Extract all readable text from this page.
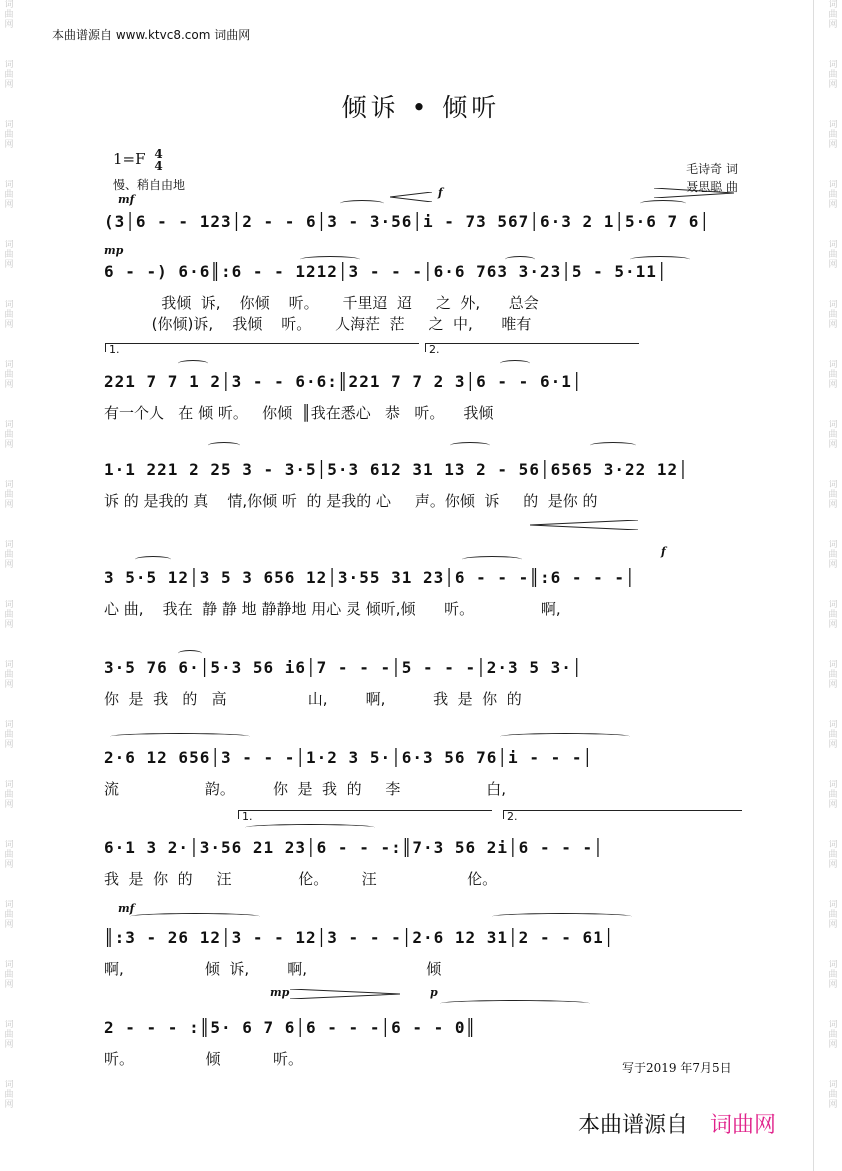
词曲网
词曲网
词曲网
词曲网
词曲网
词曲网
词曲网
词曲网
词曲网
词曲网
词曲网
词曲网
词曲网
词曲网
词曲网
词曲网
词曲网
词曲网
词曲网
词曲网
词曲网
词曲网
词曲网
词曲网
词曲网
词曲网
词曲网
词曲网
词曲网
词曲网
词曲网
词曲网
词曲网
词曲网
词曲网
词曲网
词曲网
词曲网
本曲谱源自 www.ktvc8.com 词曲网
倾诉 • 倾听
1=F 4
4
慢、稍自由地
毛诗奇 词
聂思聪 曲
mf
f
mp
f
mf
mp	p
1.	2.
1.	2.
(3│6 - - 123│2 - - 6│3 - 3·56│i - 73 567│6·3 2 1│5·6 7 6│
6 - -) 6·6║:6 - - 1212│3 - - -│6·6 763 3·23│5 - 5·11│
我倾  诉,    你倾    听。     千里迢  迢     之  外,      总会
(你倾)诉,    我倾    听。     人海茫  茫     之  中,      唯有
221 7 7 1 2│3 - - 6·6:║221 7 7 2 3│6 - - 6·1│
有一个人   在 倾 听。   你倾  ║我在悉心   恭   听。    我倾
1·1 221 2 25 3 - 3·5│5·3 612 31 13 2 - 56│6565 3·22 12│
诉 的 是我的 真    情,你倾 听  的 是我的 心     声。你倾  诉     的  是你 的
3 5·5 12│3 5 3 656 12│3·55 31 23│6 - - -║:6 - - -│
心 曲,    我在  静 静 地 静静地 用心 灵 倾听,倾      听。              啊,
3·5 76 6·│5·3 56 i6│7 - - -│5 - - -│2·3 5 3·│
你  是  我   的   高                 山,        啊,          我  是  你  的
2·6 12 656│3 - - -│1·2 3 5·│6·3 56 76│i - - -│
流                  韵。        你  是  我  的     李                  白,
6·1 3 2·│3·56 21 23│6 - - -:║7·3 56 2i│6 - - -│
我  是  你  的     汪              伦。       汪                   伦。
║:3 - 26 12│3 - - 12│3 - - -│2·6 12 31│2 - - 61│
啊,                 倾  诉,        啊,                         倾
2 - - - :║5· 6 7 6│6 - - -│6 - - 0║
听。               倾           听。	写于2019 年7月5日
本曲谱源自 词曲网
